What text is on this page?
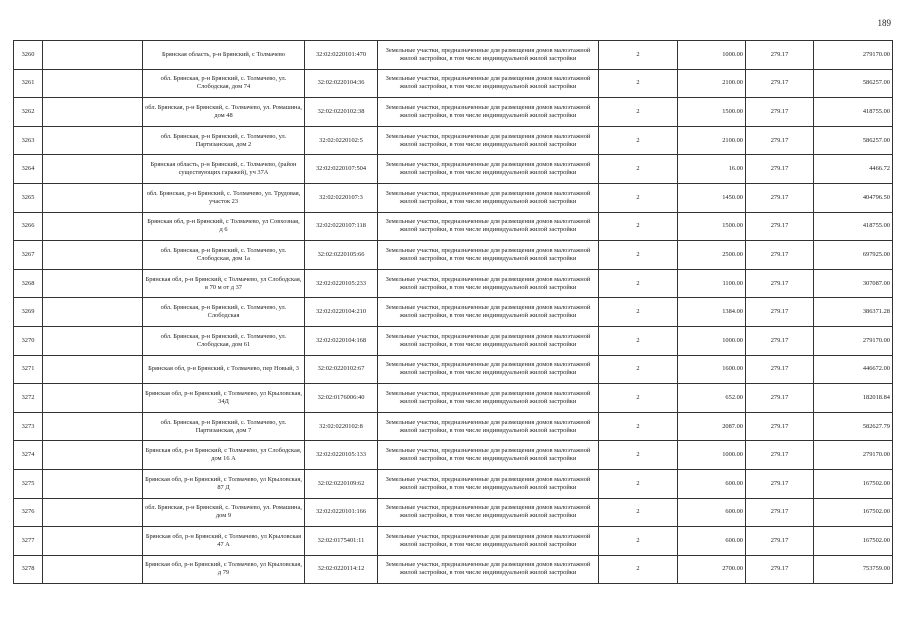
189
3260		Брянская область, р-н Брянский, с Толмачево	32:02:0220101:470	Земельные участки, предназначенные для размещения домов малоэтажной жилой застройки, в том числе индивидуальной жилой застройки	2	1000.00	279.17	279170.00
3261		обл. Брянская, р-н Брянский, с. Толмачево, ул. Слободская, дом 74	32:02:0220104:36	Земельные участки, предназначенные для размещения домов малоэтажной жилой застройки, в том числе индивидуальной жилой застройки	2	2100.00	279.17	586257.00
3262		обл. Брянская, р-н Брянский, с. Толмачево, ул. Ромашина, дом 48	32:02:0220102:38	Земельные участки, предназначенные для размещения домов малоэтажной жилой застройки, в том числе индивидуальной жилой застройки	2	1500.00	279.17	418755.00
3263		обл. Брянская, р-н Брянский, с. Толмачево, ул. Партизанская, дом 2	32:02:0220102:5	Земельные участки, предназначенные для размещения домов малоэтажной жилой застройки, в том числе индивидуальной жилой застройки	2	2100.00	279.17	586257.00
3264		Брянская область, р-н Брянский, с. Толмачево, (район существующих гаражей), уч 37А	32:02:0220107:504	Земельные участки, предназначенные для размещения домов малоэтажной жилой застройки, в том числе индивидуальной жилой застройки	2	16.00	279.17	4466.72
3265		обл. Брянская, р-н Брянский, с. Толмачево, ул. Трудовая, участок 23	32:02:0220107:3	Земельные участки, предназначенные для размещения домов малоэтажной жилой застройки, в том числе индивидуальной жилой застройки	2	1450.00	279.17	404796.50
3266		Брянская обл, р-н Брянский, с Толмачево, ул Совхозная, д 6	32:02:0220107:118	Земельные участки, предназначенные для размещения домов малоэтажной жилой застройки, в том числе индивидуальной жилой застройки	2	1500.00	279.17	418755.00
3267		обл. Брянская, р-н Брянский, с. Толмачево, ул. Слободская, дом 1а	32:02:0220105:66	Земельные участки, предназначенные для размещения домов малоэтажной жилой застройки, в том числе индивидуальной жилой застройки	2	2500.00	279.17	697925.00
3268		Брянская обл, р-н Брянский, с Толмачево, ул Слободская, в 70 м от д 37	32:02:0220105:233	Земельные участки, предназначенные для размещения домов малоэтажной жилой застройки, в том числе индивидуальной жилой застройки	2	1100.00	279.17	307087.00
3269		обл. Брянская, р-н Брянский, с. Толмачево, ул. Слободская	32:02:0220104:210	Земельные участки, предназначенные для размещения домов малоэтажной жилой застройки, в том числе индивидуальной жилой застройки	2	1384.00	279.17	386371.28
3270		обл. Брянская, р-н Брянский, с. Толмачево, ул. Слободская, дом 61	32:02:0220104:168	Земельные участки, предназначенные для размещения домов малоэтажной жилой застройки, в том числе индивидуальной жилой застройки	2	1000.00	279.17	279170.00
3271		Брянская обл, р-н Брянский, с Толмачево, пер Новый, 3	32:02:0220102:67	Земельные участки, предназначенные для размещения домов малоэтажной жилой застройки, в том числе индивидуальной жилой застройки	2	1600.00	279.17	446672.00
3272		Брянская обл, р-н Брянский, с Толмачево, ул Крыловская, 34Д	32:02:0176006:40	Земельные участки, предназначенные для размещения домов малоэтажной жилой застройки, в том числе индивидуальной жилой застройки	2	652.00	279.17	182018.84
3273		обл. Брянская, р-н Брянский, с. Толмачево, ул. Партизанская, дом 7	32:02:0220102:8	Земельные участки, предназначенные для размещения домов малоэтажной жилой застройки, в том числе индивидуальной жилой застройки	2	2087.00	279.17	582627.79
3274		Брянская обл, р-н Брянский, с Толмачево, ул Слободская, дом 16 А	32:02:0220105:133	Земельные участки, предназначенные для размещения домов малоэтажной жилой застройки, в том числе индивидуальной жилой застройки	2	1000.00	279.17	279170.00
3275		Брянская обл, р-н Брянский, с Толмачево, ул Крыловская, 87 Д	32:02:0220109:62	Земельные участки, предназначенные для размещения домов малоэтажной жилой застройки, в том числе индивидуальной жилой застройки	2	600.00	279.17	167502.00
3276		обл. Брянская, р-н Брянский, с. Толмачево, ул. Ромашина, дом 9	32:02:0220101:166	Земельные участки, предназначенные для размещения домов малоэтажной жилой застройки, в том числе индивидуальной жилой застройки	2	600.00	279.17	167502.00
3277		Брянская обл, р-н Брянский, с Толмачево, ул Крыловская 47 А	32:02:0175401:11	Земельные участки, предназначенные для размещения домов малоэтажной жилой застройки, в том числе индивидуальной жилой застройки	2	600.00	279.17	167502.00
3278		Брянская обл, р-н Брянский, с Толмачево, ул Крыловская, д 79	32:02:0220114:12	Земельные участки, предназначенные для размещения домов малоэтажной жилой застройки, в том числе индивидуальной жилой застройки	2	2700.00	279.17	753759.00
